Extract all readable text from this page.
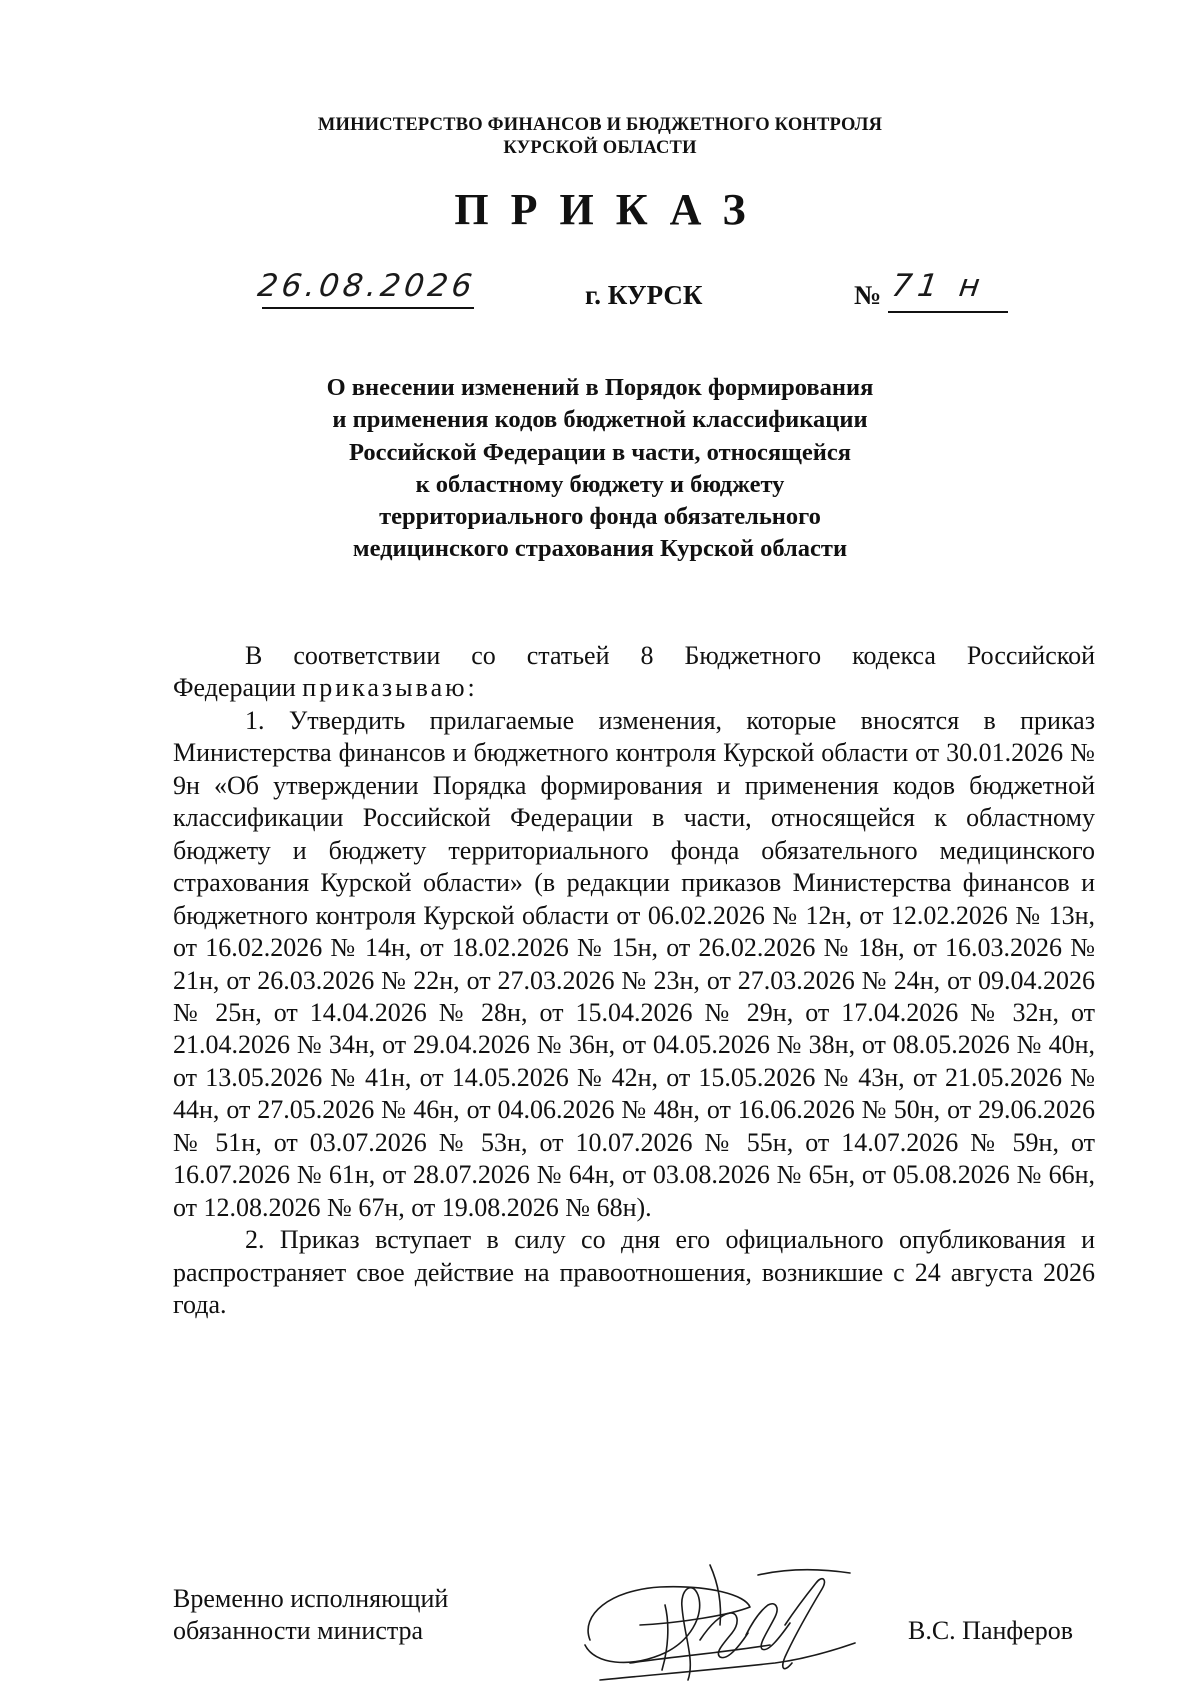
МИНИСТЕРСТВО ФИНАНСОВ И БЮДЖЕТНОГО КОНТРОЛЯ
КУРСКОЙ ОБЛАСТИ
ПРИКАЗ
26.08.2026	г. КУРСК	№ 71 н
О внесении изменений в Порядок формирования
и применения кодов бюджетной классификации
Российской Федерации в части, относящейся
к областному бюджету и бюджету
территориального фонда обязательного
медицинского страхования Курской области

В соответствии со статьей 8 Бюджетного кодекса Российской

Федерации приказываю:

1. Утвердить прилагаемые изменения, которые вносятся в приказ Министерства финансов и бюджетного контроля Курской области от 30.01.2026 № 9н «Об утверждении Порядка формирования и применения кодов бюджетной классификации Российской Федерации в части, относящейся к областному бюджету и бюджету территориального фонда обязательного медицинского страхования Курской области» (в редакции приказов Министерства финансов и бюджетного контроля Курской области от 06.02.2026 № 12н, от 12.02.2026 № 13н, от 16.02.2026 № 14н, от 18.02.2026 № 15н, от 26.02.2026 № 18н, от 16.03.2026 № 21н, от 26.03.2026 № 22н, от 27.03.2026 № 23н, от 27.03.2026 № 24н, от 09.04.2026 № 25н, от 14.04.2026 № 28н, от 15.04.2026 № 29н, от 17.04.2026 № 32н, от 21.04.2026 № 34н, от 29.04.2026 № 36н, от 04.05.2026 № 38н, от 08.05.2026 № 40н, от 13.05.2026 № 41н, от 14.05.2026 № 42н, от 15.05.2026 № 43н, от 21.05.2026 № 44н, от 27.05.2026 № 46н, от 04.06.2026 № 48н, от 16.06.2026 № 50н, от 29.06.2026 № 51н, от 03.07.2026 № 53н, от 10.07.2026 № 55н, от 14.07.2026 № 59н, от 16.07.2026 № 61н, от 28.07.2026 № 64н, от 03.08.2026 № 65н, от 05.08.2026 № 66н, от 12.08.2026 № 67н, от 19.08.2026 № 68н).

2. Приказ вступает в силу со дня его официального опубликования и распространяет свое действие на правоотношения, возникшие с 24 августа 2026 года.

Временно исполняющий
обязанности министра	В.С. Панферов
